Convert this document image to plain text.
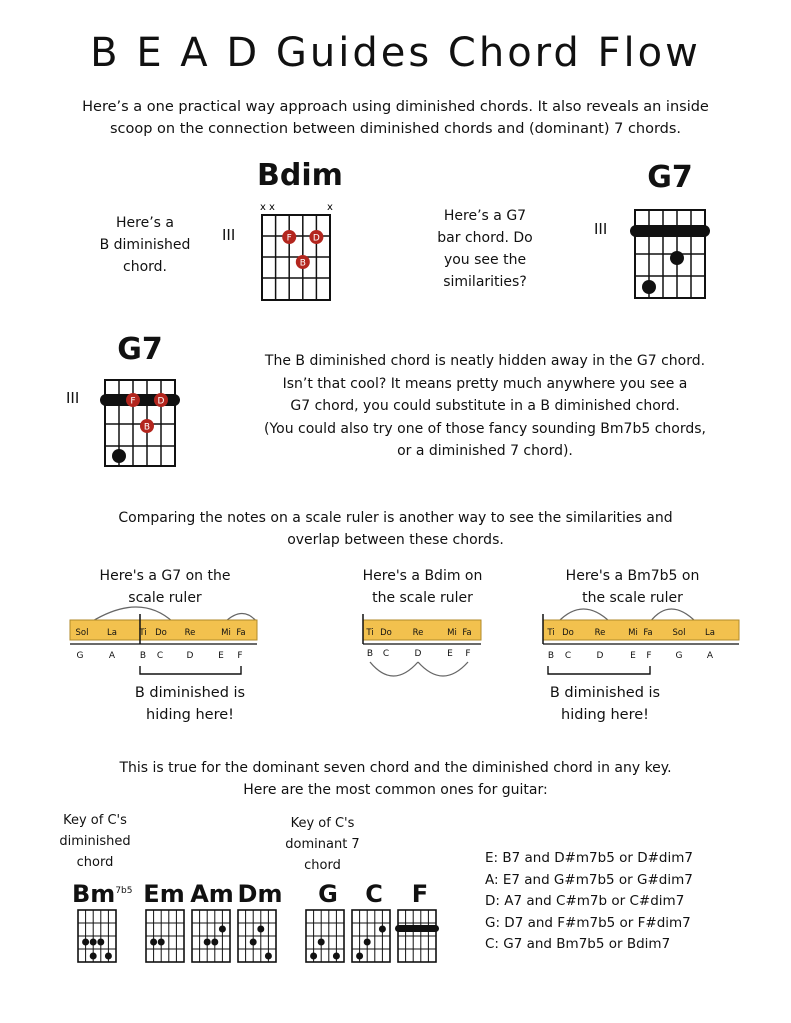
B E A D Guides Chord Flow
Here’s a one practical way approach using diminished chords. It also reveals an inside
scoop on the connection between diminished chords and (dominant) 7 chords.
Here’s a
B diminished
chord.
Bdim
III
x x	x
F D
B
Here’s a G7
bar chord. Do
you see the
similarities?
G7
III
G7
III	F D
B
The B diminished chord is neatly hidden away in the G7 chord.
Isn’t that cool? It means pretty much anywhere you see a
G7 chord, you could substitute in a B diminished chord.
(You could also try one of those fancy sounding Bm7b5 chords,
or a diminished 7 chord).
Comparing the notes on a scale ruler is another way to see the similarities and
overlap between these chords.
Here's a G7 on the
scale ruler
Here's a Bdim on
the scale ruler
Here's a Bm7b5 on
the scale ruler
Sol La	Ti Do Re	Mi Fa
G	A	B C	D	E F
B diminished is
hiding here!
Ti Do Re	Mi Fa
B C	D	E F
Ti Do Re	Mi Fa Sol La
B C	D	E F	G	A
B diminished is
hiding here!
This is true for the dominant seven chord and the diminished chord in any key.
Here are the most common ones for guitar:
Key of C's
diminished
chord
Key of C's
dominant 7
chord
$Bm^{7b5}$ Em Am Dm	G	C	F
E: B7 and D#m7b5 or D#dim7
A: E7 and G#m7b5 or G#dim7
D: A7 and C#m7b or C#dim7
G: D7 and F#m7b5 or F#dim7
C: G7 and Bm7b5 or Bdim7
